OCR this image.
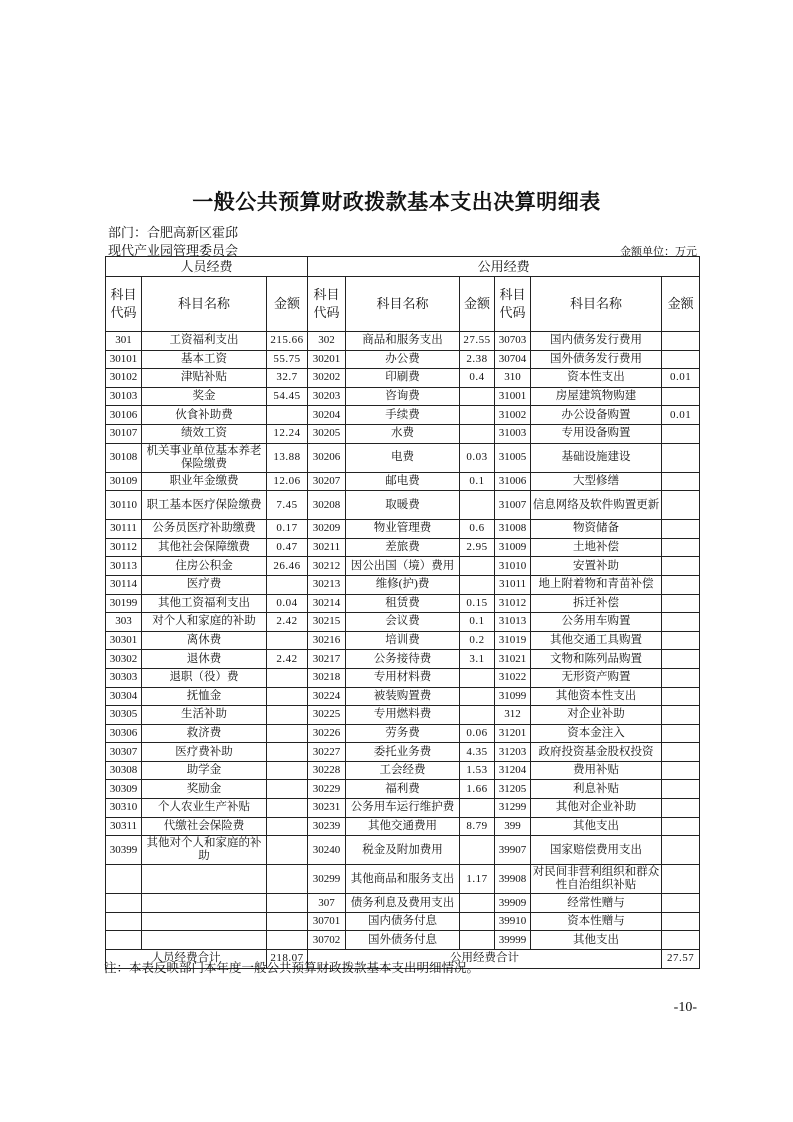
一般公共预算财政拨款基本支出决算明细表
部门：合肥高新区霍邱
现代产业园管理委员会	金额单位：万元
人员经费			公用经费					
科目代码	科目名称	金额	科目代码	科目名称	金额	科目代码	科目名称	金额
301	工资福利支出	215.66	302	商品和服务支出	27.55	30703	国内债务发行费用	
30101	基本工资	55.75	30201	办公费	2.38	30704	国外债务发行费用	
30102	津贴补贴	32.7	30202	印刷费	0.4	310	资本性支出	0.01
30103	奖金	54.45	30203	咨询费		31001	房屋建筑物购建	
30106	伙食补助费		30204	手续费		31002	办公设备购置	0.01
30107	绩效工资	12.24	30205	水费		31003	专用设备购置	
30108	机关事业单位基本养老保险缴费	13.88	30206	电费	0.03	31005	基础设施建设	
30109	职业年金缴费	12.06	30207	邮电费	0.1	31006	大型修缮	
30110	职工基本医疗保险缴费	7.45	30208	取暖费		31007	信息网络及软件购置更新	
30111	公务员医疗补助缴费	0.17	30209	物业管理费	0.6	31008	物资储备	
30112	其他社会保障缴费	0.47	30211	差旅费	2.95	31009	土地补偿	
30113	住房公积金	26.46	30212	因公出国（境）费用		31010	安置补助	
30114	医疗费		30213	维修(护)费		31011	地上附着物和青苗补偿	
30199	其他工资福利支出	0.04	30214	租赁费	0.15	31012	拆迁补偿	
303	对个人和家庭的补助	2.42	30215	会议费	0.1	31013	公务用车购置	
30301	离休费		30216	培训费	0.2	31019	其他交通工具购置	
30302	退休费	2.42	30217	公务接待费	3.1	31021	文物和陈列品购置	
30303	退职（役）费		30218	专用材料费		31022	无形资产购置	
30304	抚恤金		30224	被装购置费		31099	其他资本性支出	
30305	生活补助		30225	专用燃料费		312	对企业补助	
30306	救济费		30226	劳务费	0.06	31201	资本金注入	
30307	医疗费补助		30227	委托业务费	4.35	31203	政府投资基金股权投资	
30308	助学金		30228	工会经费	1.53	31204	费用补贴	
30309	奖励金		30229	福利费	1.66	31205	利息补贴	
30310	个人农业生产补贴		30231	公务用车运行维护费		31299	其他对企业补助	
30311	代缴社会保险费		30239	其他交通费用	8.79	399	其他支出	
30399	其他对个人和家庭的补助		30240	税金及附加费用		39907	国家赔偿费用支出	
			30299	其他商品和服务支出	1.17	39908	对民间非营利组织和群众性自治组织补贴	
			307	债务利息及费用支出		39909	经常性赠与	
			30701	国内债务付息		39910	资本性赠与	
			30702	国外债务付息		39999	其他支出	
人员经费合计		218.07	公用经费合计					27.57
注：本表反映部门本年度一般公共预算财政拨款基本支出明细情况。
-10-
